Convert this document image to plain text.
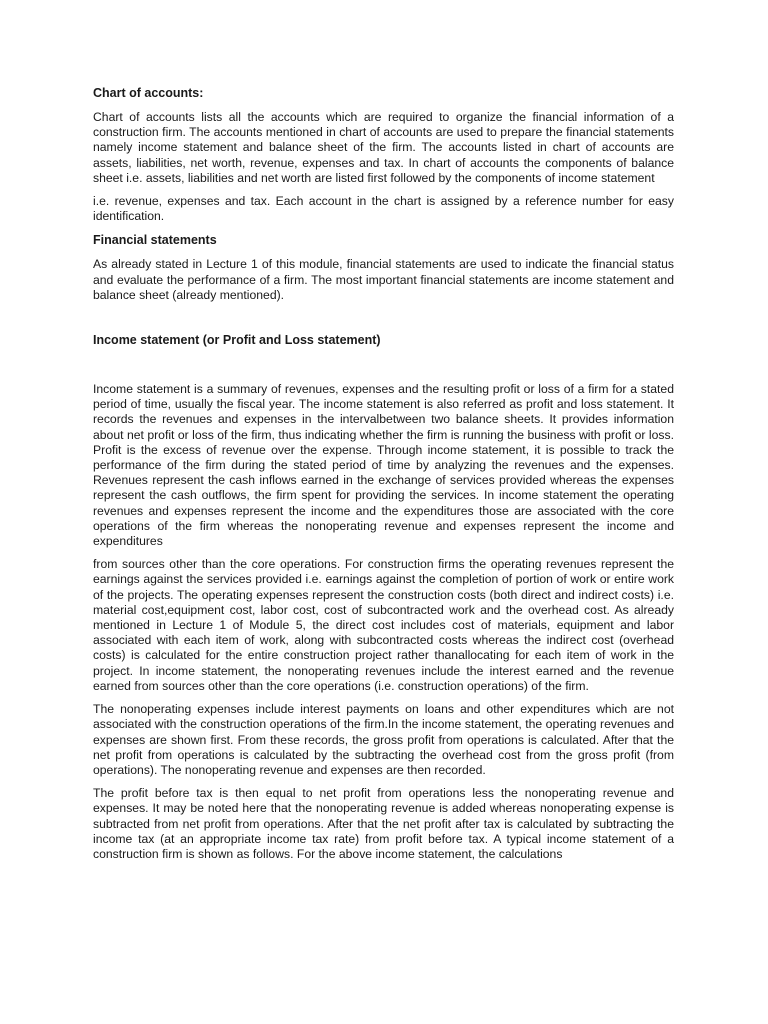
Chart of accounts:

Chart of accounts lists all the accounts which are required to organize the financial information of a construction firm. The accounts mentioned in chart of accounts are used to prepare the financial statements namely income statement and balance sheet of the firm. The accounts listed in chart of accounts are assets, liabilities, net worth, revenue, expenses and tax. In chart of accounts the components of balance sheet i.e. assets, liabilities and net worth are listed first followed by the components of income statement

i.e. revenue, expenses and tax. Each account in the chart is assigned by a reference number for easy identification.

Financial statements

As already stated in Lecture 1 of this module, financial statements are used to indicate the financial status and evaluate the performance of a firm. The most important financial statements are income statement and balance sheet (already mentioned).

Income statement (or Profit and Loss statement)

Income statement is a summary of revenues, expenses and the resulting profit or loss of a firm for a stated period of time, usually the fiscal year. The income statement is also referred as profit and loss statement. It records the revenues and expenses in the intervalbetween two balance sheets. It provides information about net profit or loss of the firm, thus indicating whether the firm is running the business with profit or loss. Profit is the excess of revenue over the expense. Through income statement, it is possible to track the performance of the firm during the stated period of time by analyzing the revenues and the expenses. Revenues represent the cash inflows earned in the exchange of services provided whereas the expenses represent the cash outflows, the firm spent for providing the services. In income statement the operating revenues and expenses represent the income and the expenditures those are associated with the core operations of the firm whereas the nonoperating revenue and expenses represent the income and expenditures

from sources other than the core operations. For construction firms the operating revenues represent the earnings against the services provided i.e. earnings against the completion of portion of work or entire work of the projects. The operating expenses represent the construction costs (both direct and indirect costs) i.e. material cost,equipment cost, labor cost, cost of subcontracted work and the overhead cost. As already mentioned in Lecture 1 of Module 5, the direct cost includes cost of materials, equipment and labor associated with each item of work, along with subcontracted costs whereas the indirect cost (overhead costs) is calculated for the entire construction project rather thanallocating for each item of work in the project. In income statement, the nonoperating revenues include the interest earned and the revenue earned from sources other than the core operations (i.e. construction operations) of the firm.

The nonoperating expenses include interest payments on loans and other expenditures which are not associated with the construction operations of the firm.In the income statement, the operating revenues and expenses are shown first. From these records, the gross profit from operations is calculated. After that the net profit from operations is calculated by the subtracting the overhead cost from the gross profit (from operations). The nonoperating revenue and expenses are then recorded.

The profit before tax is then equal to net profit from operations less the nonoperating revenue and expenses. It may be noted here that the nonoperating revenue is added whereas nonoperating expense is subtracted from net profit from operations. After that the net profit after tax is calculated by subtracting the income tax (at an appropriate income tax rate) from profit before tax. A typical income statement of a construction firm is shown as follows. For the above income statement, the calculations
